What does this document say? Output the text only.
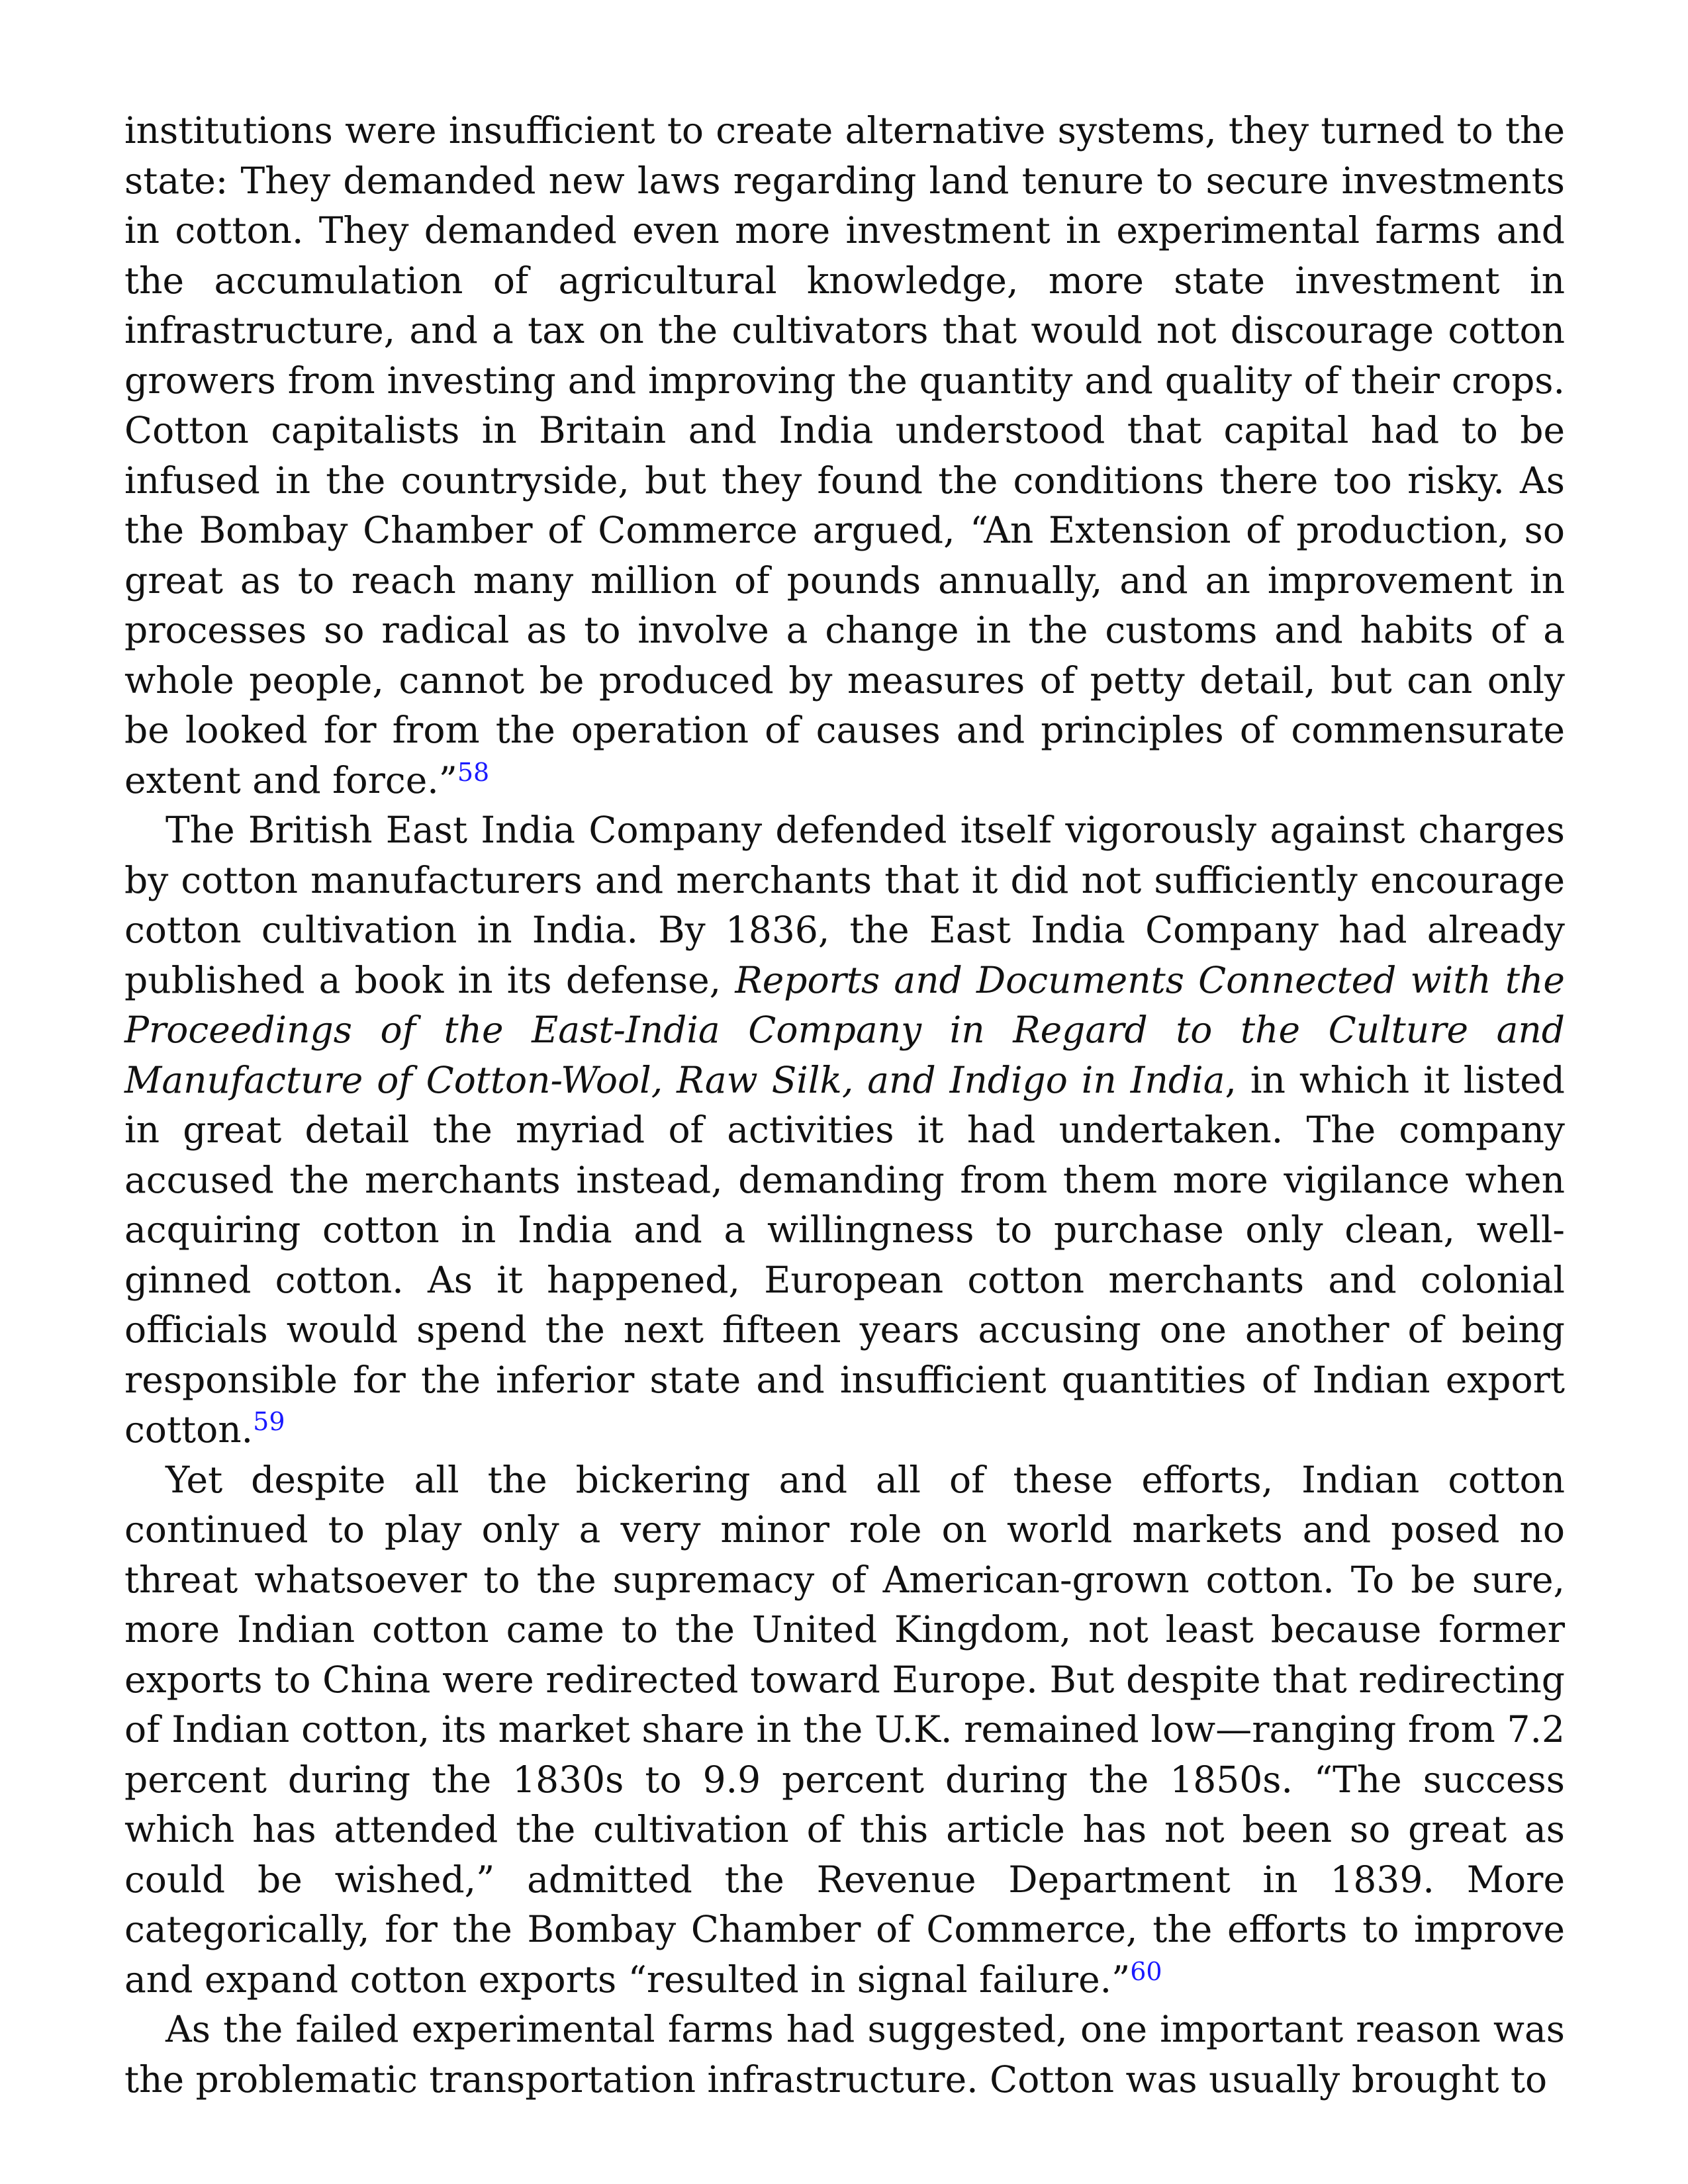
institutions were insufficient to create alternative systems, they turned to the state: They demanded new laws regarding land tenure to secure investments in cotton. They demanded even more investment in experimental farms and the accumulation of agricultural knowledge, more state investment in infrastructure, and a tax on the cultivators that would not discourage cotton growers from investing and improving the quantity and quality of their crops. Cotton capitalists in Britain and India understood that capital had to be infused in the countryside, but they found the conditions there too risky. As the Bombay Chamber of Commerce argued, “An Extension of production, so great as to reach many million of pounds annually, and an improvement in processes so radical as to involve a change in the customs and habits of a whole people, cannot be produced by measures of petty detail, but can only be looked for from the operation of causes and principles of commensurate extent and force.”$^{58}$

The British East India Company defended itself vigorously against charges by cotton manufacturers and merchants that it did not sufficiently encourage cotton cultivation in India. By 1836, the East India Company had already published a book in its defense, Reports and Documents Connected with the Proceedings of the East-India Company in Regard to the Culture and Manufacture of Cotton-Wool, Raw Silk, and Indigo in India, in which it listed in great detail the myriad of activities it had undertaken. The company accused the merchants instead, demanding from them more vigilance when acquiring cotton in India and a willingness to purchase only clean, well-ginned cotton. As it happened, European cotton merchants and colonial officials would spend the next fifteen years accusing one another of being responsible for the inferior state and insufficient quantities of Indian export cotton.$^{59}$

Yet despite all the bickering and all of these efforts, Indian cotton continued to play only a very minor role on world markets and posed no threat whatsoever to the supremacy of American-grown cotton. To be sure, more Indian cotton came to the United Kingdom, not least because former exports to China were redirected toward Europe. But despite that redirecting of Indian cotton, its market share in the U.K. remained low—ranging from 7.2 percent during the 1830s to 9.9 percent during the 1850s. “The success which has attended the cultivation of this article has not been so great as could be wished,” admitted the Revenue Department in 1839. More categorically, for the Bombay Chamber of Commerce, the efforts to improve and expand cotton exports “resulted in signal failure.”$^{60}$

As the failed experimental farms had suggested, one important reason was the problematic transportation infrastructure. Cotton was usually brought to
